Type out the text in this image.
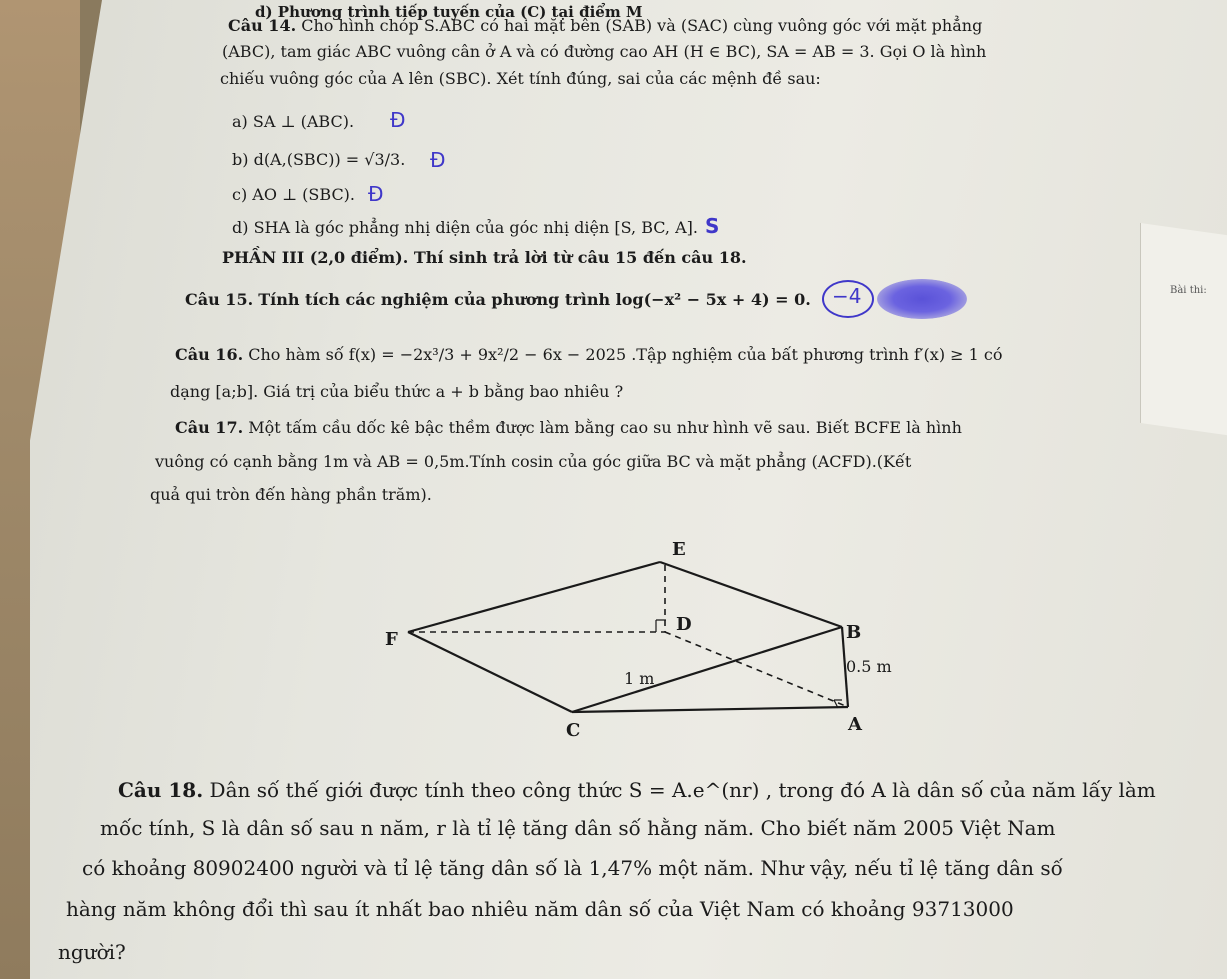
d) Phương trình tiếp tuyến của (C) tại điểm M
Câu 14. Cho hình chóp S.ABC có hai mặt bên (SAB) và (SAC) cùng vuông góc với mặt phẳng
(ABC), tam giác ABC vuông cân ở A và có đường cao AH (H ∈ BC), SA = AB = 3. Gọi O là hình
chiếu vuông góc của A lên (SBC). Xét tính đúng, sai của các mệnh đề sau:
a) SA ⊥ (ABC). Đ
b) d(A,(SBC)) = √3/3. Đ
c) AO ⊥ (SBC). Đ
d) SHA là góc phẳng nhị diện của góc nhị diện [S, BC, A]. S
PHẦN III (2,0 điểm). Thí sinh trả lời từ câu 15 đến câu 18.
Câu 15. Tính tích các nghiệm của phương trình log(−x² − 5x + 4) = 0. −4	Bài thi:
Câu 16. Cho hàm số f(x) = −2x³/3 + 9x²/2 − 6x − 2025 .Tập nghiệm của bất phương trình f′(x) ≥ 1 có
dạng [a;b]. Giá trị của biểu thức a + b bằng bao nhiêu ?
Câu 17. Một tấm cầu dốc kê bậc thềm được làm bằng cao su như hình vẽ sau. Biết BCFE là hình
vuông có cạnh bằng 1m và AB = 0,5m.Tính cosin của góc giữa BC và mặt phẳng (ACFD).(Kết
quả qui tròn đến hàng phần trăm).
E
D
F	B
C	A
1 m
0.5 m
Câu 18. Dân số thế giới được tính theo công thức S = A.e^(nr) , trong đó A là dân số của năm lấy làm
mốc tính, S là dân số sau n năm, r là tỉ lệ tăng dân số hằng năm. Cho biết năm 2005 Việt Nam
có khoảng 80902400 người và tỉ lệ tăng dân số là 1,47% một năm. Như vậy, nếu tỉ lệ tăng dân số
hàng năm không đổi thì sau ít nhất bao nhiêu năm dân số của Việt Nam có khoảng 93713000
người?
